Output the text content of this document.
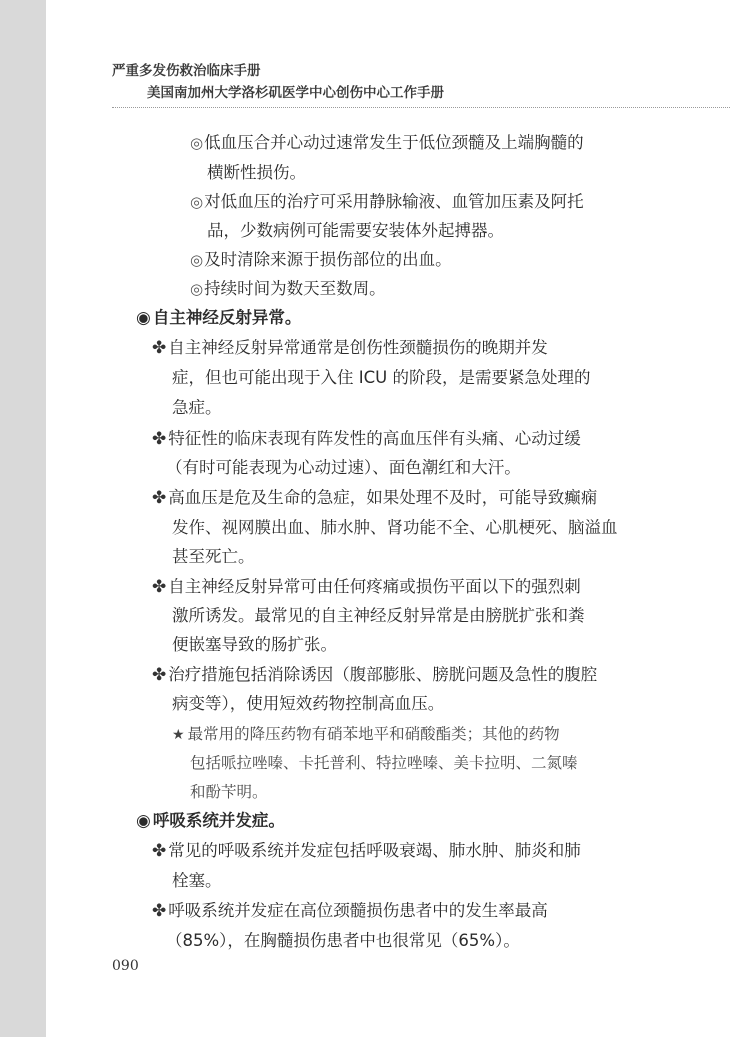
严重多发伤救治临床手册
美国南加州大学洛杉矶医学中心创伤中心工作手册
◎低血压合并心动过速常发生于低位颈髓及上端胸髓的
横断性损伤。
◎对低血压的治疗可采用静脉输液、血管加压素及阿托
品，少数病例可能需要安装体外起搏器。
◎及时清除来源于损伤部位的出血。
◎持续时间为数天至数周。
◉ 自主神经反射异常。
✤ 自主神经反射异常通常是创伤性颈髓损伤的晚期并发
症，但也可能出现于入住 ICU 的阶段，是需要紧急处理的
急症。
✤ 特征性的临床表现有阵发性的高血压伴有头痛、心动过缓
（有时可能表现为心动过速）、面色潮红和大汗。
✤ 高血压是危及生命的急症，如果处理不及时，可能导致癫痫
发作、视网膜出血、肺水肿、肾功能不全、心肌梗死、脑溢血
甚至死亡。
✤ 自主神经反射异常可由任何疼痛或损伤平面以下的强烈刺
激所诱发。最常见的自主神经反射异常是由膀胱扩张和粪
便嵌塞导致的肠扩张。
✤ 治疗措施包括消除诱因（腹部膨胀、膀胱问题及急性的腹腔
病变等），使用短效药物控制高血压。
★ 最常用的降压药物有硝苯地平和硝酸酯类；其他的药物
包括哌拉唑嗪、卡托普利、特拉唑嗪、美卡拉明、二氮嗪
和酚苄明。
◉ 呼吸系统并发症。
✤ 常见的呼吸系统并发症包括呼吸衰竭、肺水肿、肺炎和肺
栓塞。
✤ 呼吸系统并发症在高位颈髓损伤患者中的发生率最高
（85%），在胸髓损伤患者中也很常见（65%）。
090
